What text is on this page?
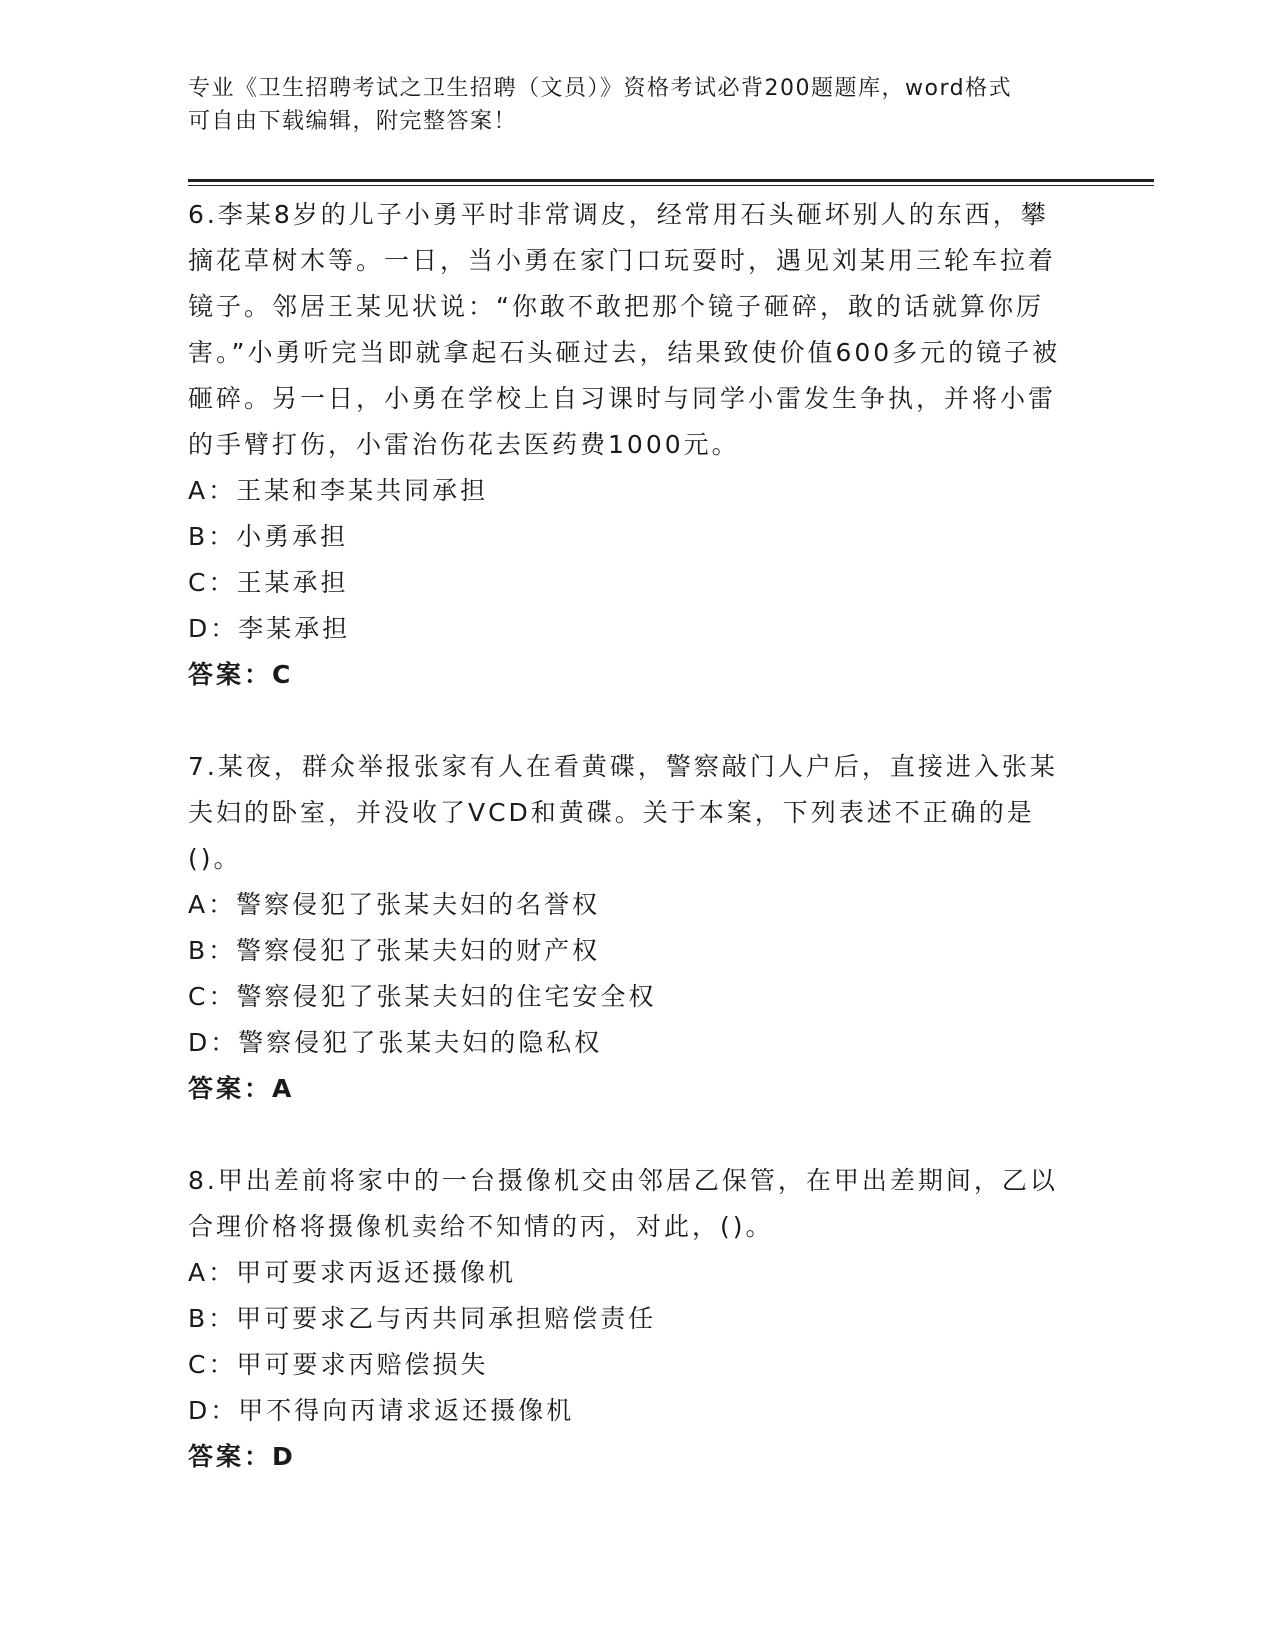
专业《卫生招聘考试之卫生招聘（文员）》资格考试必背200题题库，word格式
可自由下载编辑，附完整答案！

6.李某8岁的儿子小勇平时非常调皮，经常用石头砸坏别人的东西，攀摘花草树木等。一日，当小勇在家门口玩耍时，遇见刘某用三轮车拉着镜子。邻居王某见状说：“你敢不敢把那个镜子砸碎，敢的话就算你厉害。”小勇听完当即就拿起石头砸过去，结果致使价值600多元的镜子被砸碎。另一日，小勇在学校上自习课时与同学小雷发生争执，并将小雷的手臂打伤，小雷治伤花去医药费1000元。

A：王某和李某共同承担
B：小勇承担
C：王某承担
D：李某承担
答案：C

7.某夜，群众举报张家有人在看黄碟，警察敲门人户后，直接进入张某夫妇的卧室，并没收了VCD和黄碟。关于本案，下列表述不正确的是()。

A：警察侵犯了张某夫妇的名誉权
B：警察侵犯了张某夫妇的财产权
C：警察侵犯了张某夫妇的住宅安全权
D：警察侵犯了张某夫妇的隐私权
答案：A

8.甲出差前将家中的一台摄像机交由邻居乙保管，在甲出差期间，乙以合理价格将摄像机卖给不知情的丙，对此，()。

A：甲可要求丙返还摄像机
B：甲可要求乙与丙共同承担赔偿责任
C：甲可要求丙赔偿损失
D：甲不得向丙请求返还摄像机
答案：D
